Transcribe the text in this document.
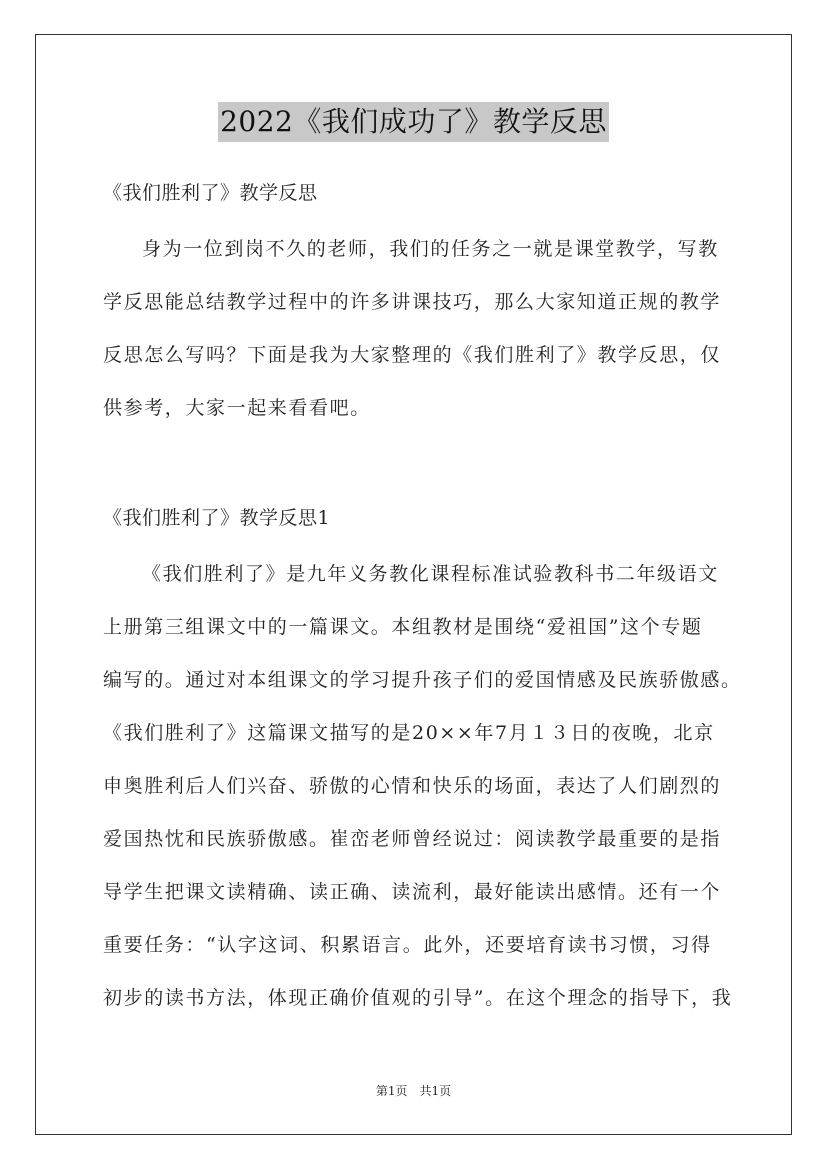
2022《我们成功了》教学反思
《我们胜利了》教学反思
身为一位到岗不久的老师，我们的任务之一就是课堂教学，写教
学反思能总结教学过程中的许多讲课技巧，那么大家知道正规的教学
反思怎么写吗？下面是我为大家整理的《我们胜利了》教学反思，仅
供参考，大家一起来看看吧。
《我们胜利了》教学反思1
《我们胜利了》是九年义务教化课程标准试验教科书二年级语文
上册第三组课文中的一篇课文。本组教材是围绕“爱祖国”这个专题
编写的。通过对本组课文的学习提升孩子们的爱国情感及民族骄傲感。
《我们胜利了》这篇课文描写的是20××年7月１３日的夜晚，北京
申奥胜利后人们兴奋、骄傲的心情和快乐的场面，表达了人们剧烈的
爱国热忱和民族骄傲感。崔峦老师曾经说过：阅读教学最重要的是指
导学生把课文读精确、读正确、读流利，最好能读出感情。还有一个
重要任务：“认字这词、积累语言。此外，还要培育读书习惯，习得
初步的读书方法，体现正确价值观的引导”。在这个理念的指导下，我
第1页　共1页
